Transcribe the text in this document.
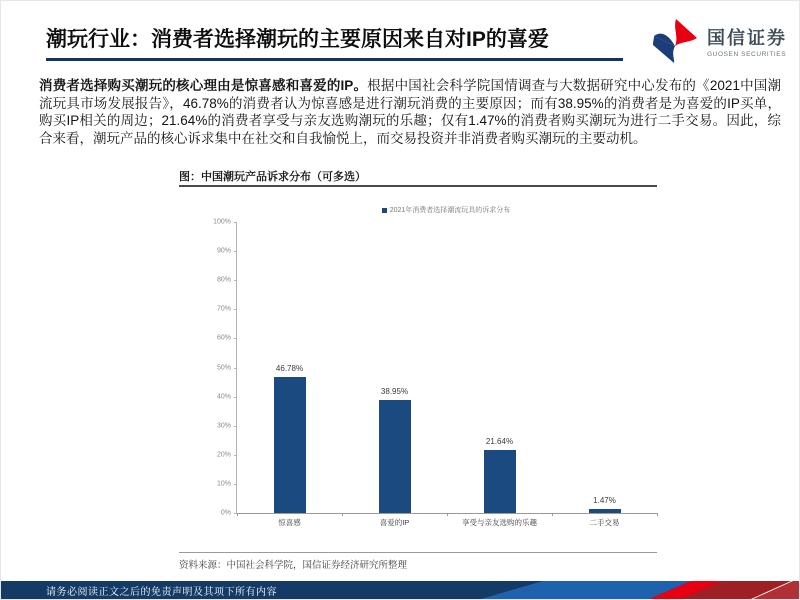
潮玩行业：消费者选择潮玩的主要原因来自对IP的喜爱	国信证券
GUOSEN SECURITIES
消费者选择购买潮玩的核心理由是惊喜感和喜爱的IP。根据中国社会科学院国情调查与大数据研究中心发布的《2021中国潮流玩具市场发展报告》，46.78%的消费者认为惊喜感是进行潮玩消费的主要原因；而有38.95%的消费者是为喜爱的IP买单，购买IP相关的周边；21.64%的消费者享受与亲友选购潮玩的乐趣；仅有1.47%的消费者购买潮玩为进行二手交易。因此，综合来看，潮玩产品的核心诉求集中在社交和自我愉悦上，而交易投资并非消费者购买潮玩的主要动机。
图：中国潮玩产品诉求分布（可多选）
2021年消费者选择潮流玩具的诉求分布
100%
90%
80%
70%
60%
50%
40%
30%
20%
10%
0%
46.78%
38.95%
21.64%
1.47%
惊喜感	喜爱的IP	享受与亲友选购的乐趣	二手交易
资料来源：中国社会科学院，国信证券经济研究所整理
请务必阅读正文之后的免责声明及其项下所有内容
